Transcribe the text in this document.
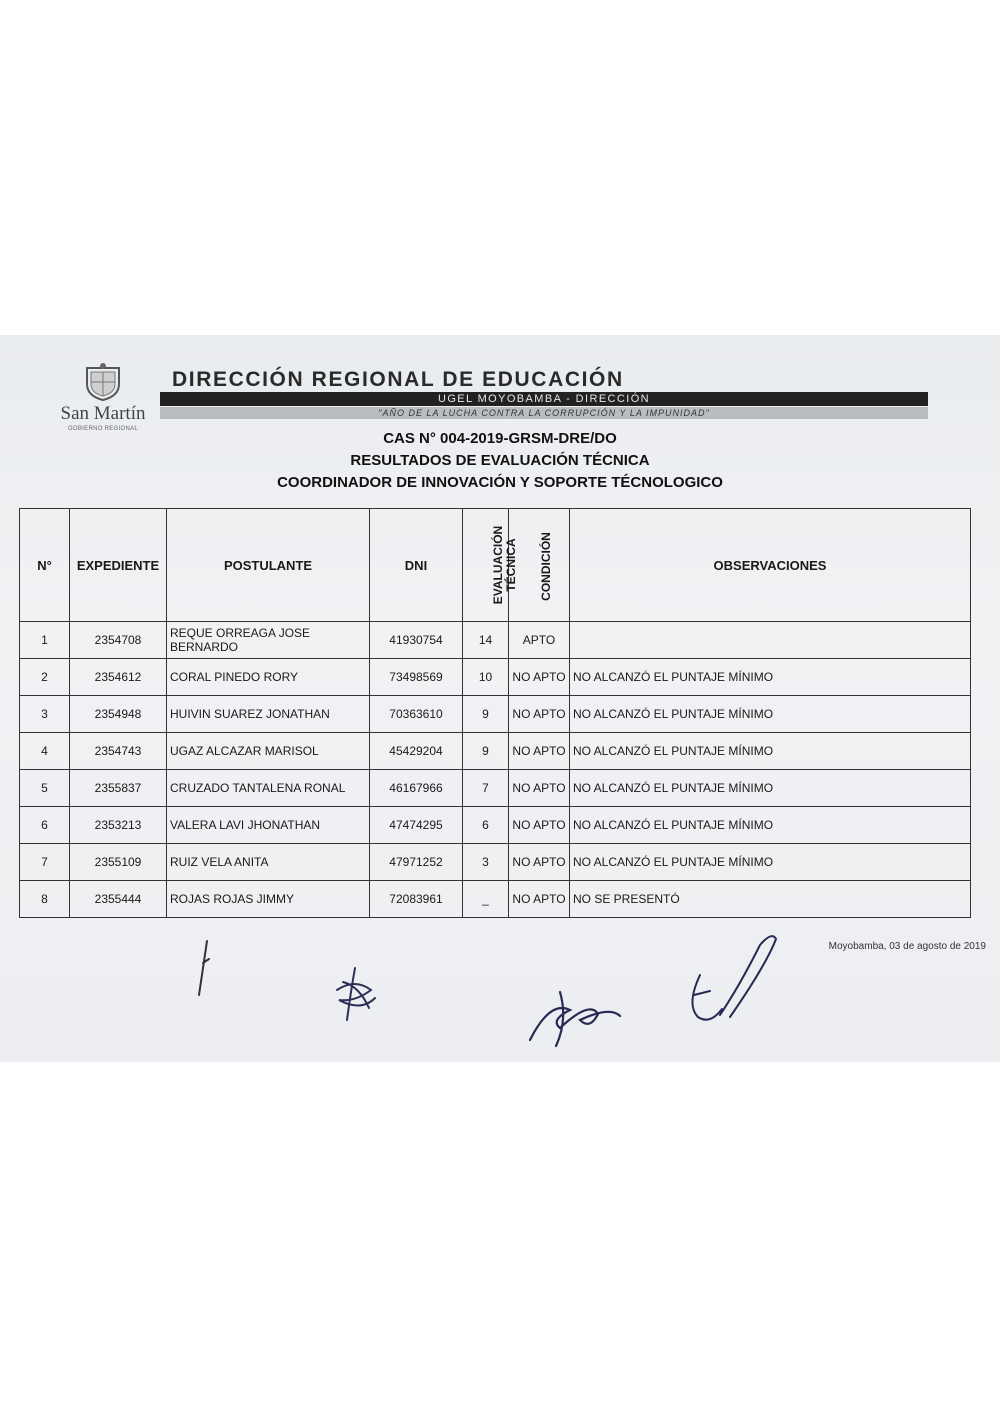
San Martín
GOBIERNO REGIONAL
DIRECCIÓN REGIONAL DE EDUCACIÓN
UGEL MOYOBAMBA - DIRECCIÓN
"AÑO DE LA LUCHA CONTRA LA CORRUPCIÓN Y LA IMPUNIDAD"
CAS N° 004-2019-GRSM-DRE/DO
RESULTADOS DE EVALUACIÓN TÉCNICA
COORDINADOR DE INNOVACIÓN Y SOPORTE TÉCNOLOGICO
N°	EXPEDIENTE	POSTULANTE	DNI	EVALUACIÓN TÉCNICA	CONDICIÓN	OBSERVACIONES
1	2354708	REQUE ORREAGA JOSE BERNARDO	41930754	14	APTO	
2	2354612	CORAL PINEDO RORY	73498569	10	NO APTO	NO ALCANZÓ EL PUNTAJE MÍNIMO
3	2354948	HUIVIN SUAREZ JONATHAN	70363610	9	NO APTO	NO ALCANZÓ EL PUNTAJE MÍNIMO
4	2354743	UGAZ ALCAZAR MARISOL	45429204	9	NO APTO	NO ALCANZÓ EL PUNTAJE MÍNIMO
5	2355837	CRUZADO TANTALENA RONAL	46167966	7	NO APTO	NO ALCANZÓ EL PUNTAJE MÍNIMO
6	2353213	VALERA LAVI JHONATHAN	47474295	6	NO APTO	NO ALCANZÓ EL PUNTAJE MÍNIMO
7	2355109	RUIZ VELA ANITA	47971252	3	NO APTO	NO ALCANZÓ EL PUNTAJE MÍNIMO
8	2355444	ROJAS ROJAS JIMMY	72083961	_	NO APTO	NO SE PRESENTÓ
Moyobamba, 03 de agosto de 2019
